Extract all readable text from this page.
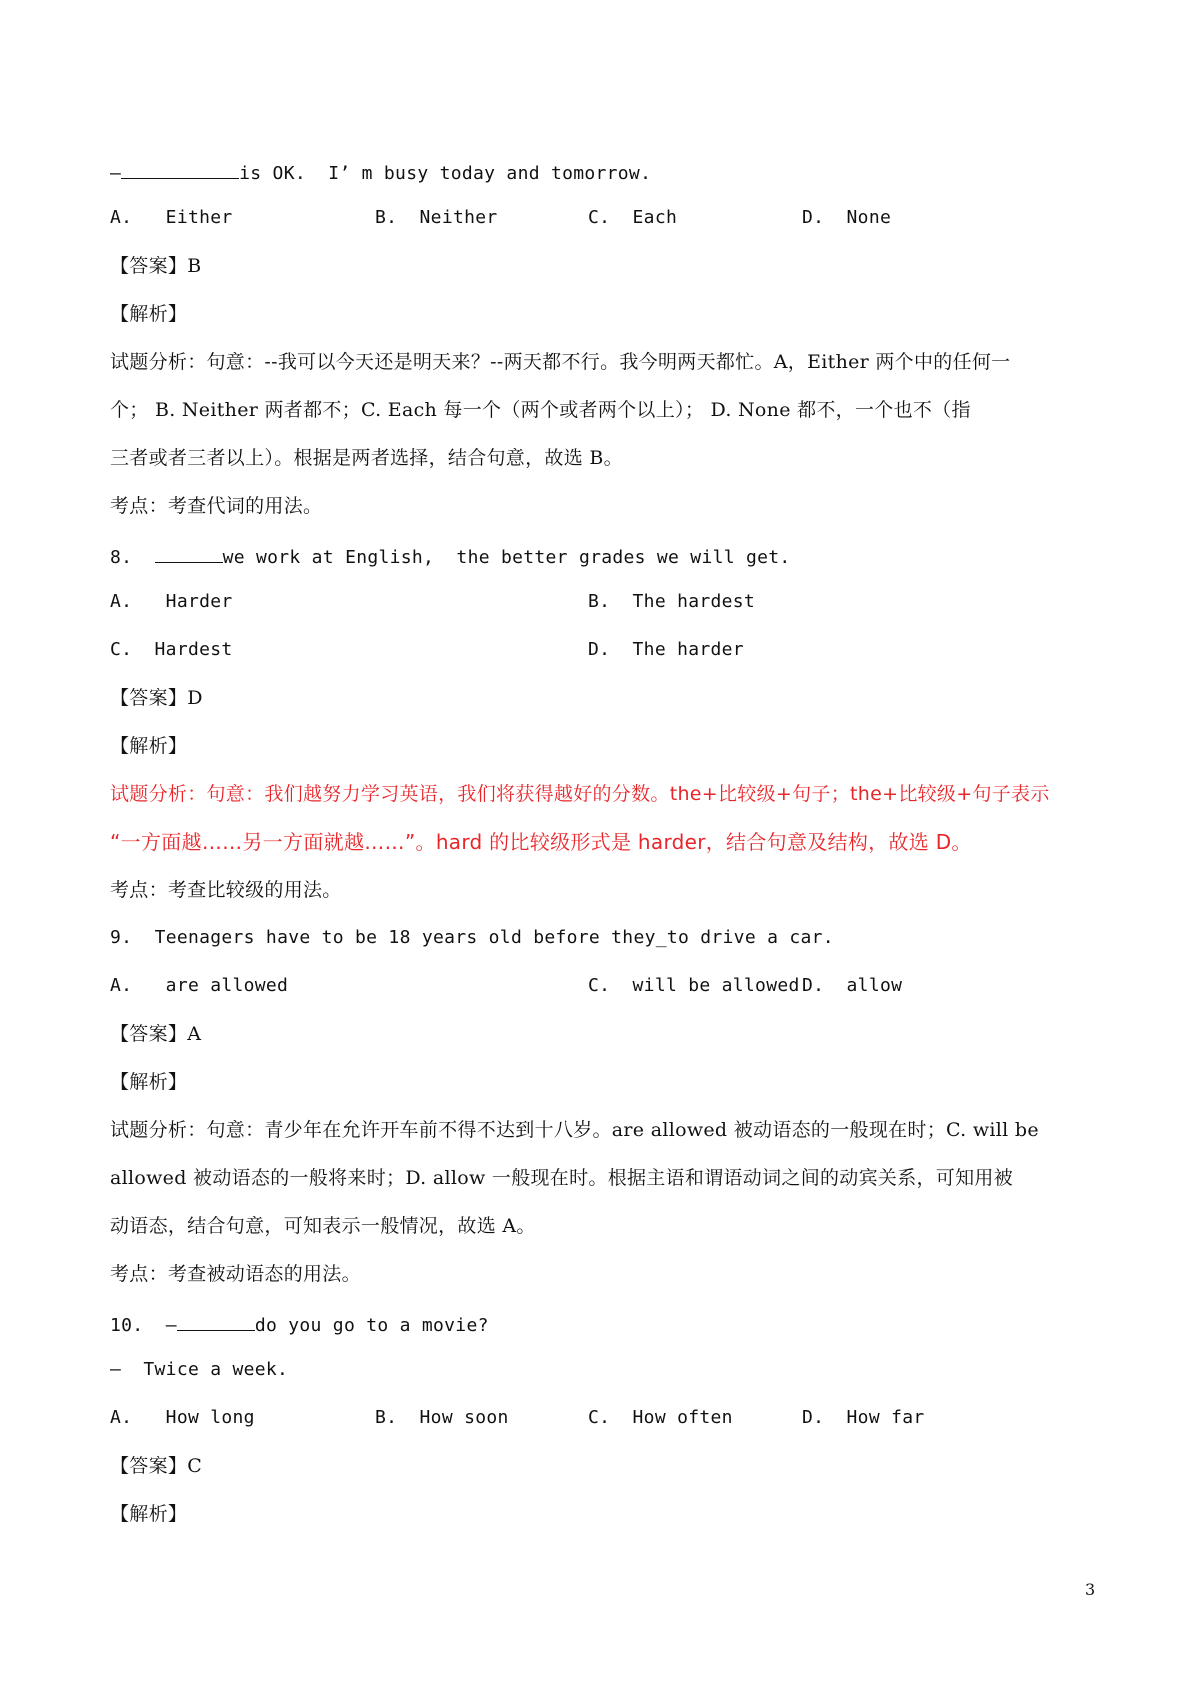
—	is OK.  I’ m busy today and tomorrow.

A.   Either

	B.  Neither

	C.  Each

	D.  None

【答案】B
【解析】
试题分析：句意：--我可以今天还是明天来？--两天都不行。我今明两天都忙。A，Either 两个中的任何一
个； B. Neither 两者都不；C. Each 每一个（两个或者两个以上）； D. None 都不，一个也不（指
三者或者三者以上）。根据是两者选择，结合句意，故选 B。
考点：考查代词的用法。
8.	we work at English,  the better grades we will get.

A.   Harder

	B.  The hardest

C.  Hardest

	D.  The harder

【答案】D
【解析】
试题分析：句意：我们越努力学习英语，我们将获得越好的分数。the+比较级+句子；the+比较级+句子表示
“一方面越……另一方面就越……”。hard 的比较级形式是 harder，结合句意及结构，故选 D。
考点：考查比较级的用法。
9. Teenagers have to be 18 years old before they_to drive a car.

A.   are allowed

	C.  will be allowed

D.  allow

【答案】A
【解析】
试题分析：句意：青少年在允许开车前不得不达到十八岁。are allowed 被动语态的一般现在时；C. will be
allowed 被动语态的一般将来时；D. allow 一般现在时。根据主语和谓语动词之间的动宾关系，可知用被
动语态，结合句意，可知表示一般情况，故选 A。
考点：考查被动语态的用法。
10. —	do you go to a movie?
—  Twice a week.

A.   How long

	B.  How soon

	C.  How often

	D.  How far

【答案】C
【解析】
3
